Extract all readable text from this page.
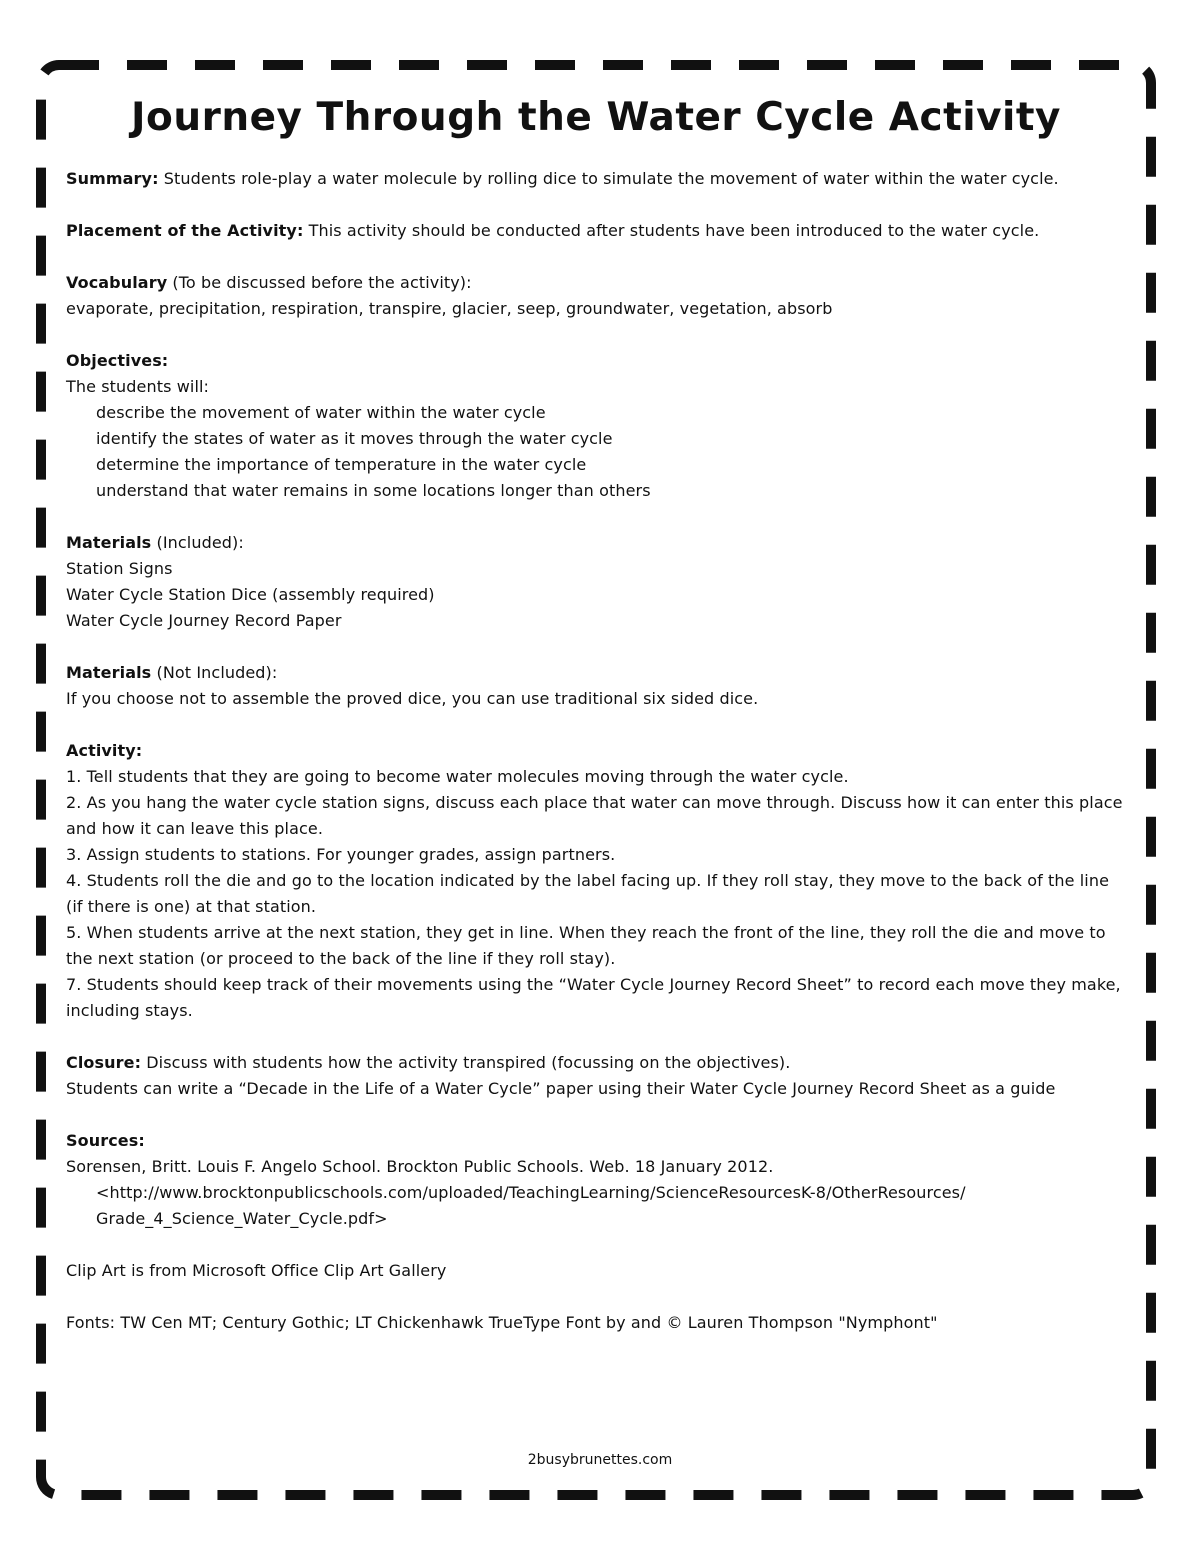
Journey Through the Water Cycle Activity

Summary: Students role-play a water molecule by rolling dice to simulate the movement of water within the water cycle.

Placement of the Activity: This activity should be conducted after students have been introduced to the water cycle.

Vocabulary (To be discussed before the activity):

evaporate, precipitation, respiration, transpire, glacier, seep, groundwater, vegetation, absorb

Objectives:

The students will:

describe the movement of water within the water cycle

identify the states of water as it moves through the water cycle

determine the importance of temperature in the water cycle

understand that water remains in some locations longer than others

Materials (Included):

Station Signs

Water Cycle Station Dice (assembly required)

Water Cycle Journey Record Paper

Materials (Not Included):

If you choose not to assemble the proved dice, you can use traditional six sided dice.

Activity:

1. Tell students that they are going to become water molecules moving through the water cycle.

2. As you hang the water cycle station signs, discuss each place that water can move through. Discuss how it can enter this place and how it can leave this place.

3. Assign students to stations. For younger grades, assign partners.

4. Students roll the die and go to the location indicated by the label facing up. If they roll stay, they move to the back of the line (if there is one) at that station.

5. When students arrive at the next station, they get in line. When they reach the front of the line, they roll the die and move to the next station (or proceed to the back of the line if they roll stay).

7. Students should keep track of their movements using the “Water Cycle Journey Record Sheet” to record each move they make, including stays.

Closure: Discuss with students how the activity transpired (focussing on the objectives).

Students can write a “Decade in the Life of a Water Cycle” paper using their Water Cycle Journey Record Sheet as a guide

Sources:

Sorensen, Britt. Louis F. Angelo School. Brockton Public Schools. Web. 18 January 2012.

<http://www.brocktonpublicschools.com/uploaded/TeachingLearning/ScienceResourcesK-8/OtherResources/ Grade_4_Science_Water_Cycle.pdf>

Clip Art is from Microsoft Office Clip Art Gallery

Fonts: TW Cen MT; Century Gothic; LT Chickenhawk TrueType Font by and © Lauren Thompson "Nymphont"

2busybrunettes.com
